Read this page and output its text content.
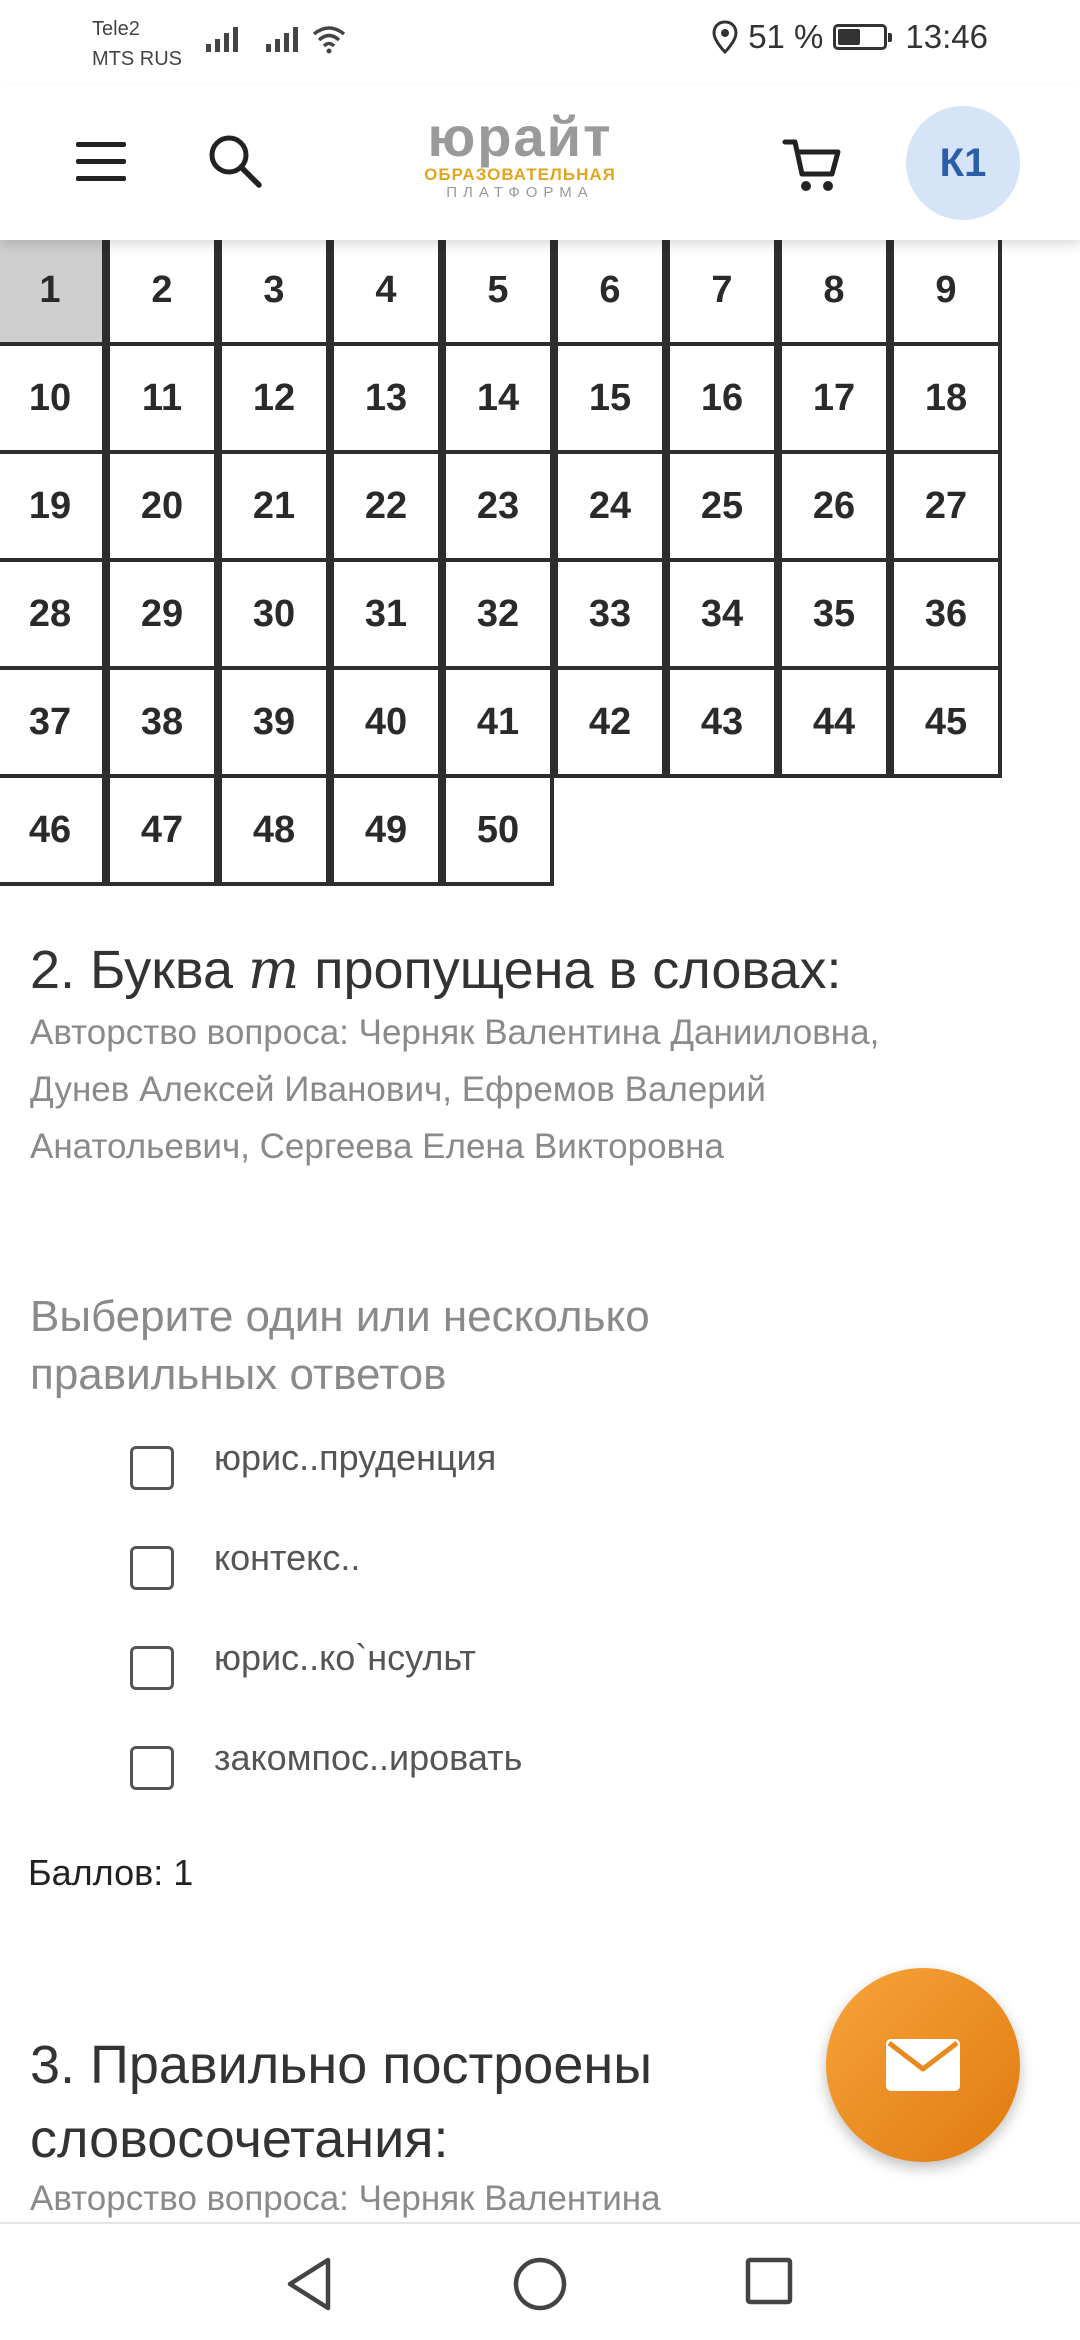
Tele2
MTS RUS
51 % 13:46
юрайт
ОБРАЗОВАТЕЛЬНАЯ
ПЛАТФОРМА
К1
1	2	3	4	5	6	7	8	9
10	11	12	13	14	15	16	17	18
19	20	21	22	23	24	25	26	27
28	29	30	31	32	33	34	35	36
37	38	39	40	41	42	43	44	45
46	47	48	49	50
2. Буква т пропущена в словах:
Авторство вопроса: Черняк Валентина Данииловна, Дунев Алексей Иванович, Ефремов Валерий Анатольевич, Сергеева Елена Викторовна
Выберите один или несколько правильных ответов
юрис..пруденция
контекс..
юрис..ко`нсульт
закомпос..ировать
Баллов: 1
3. Правильно построены словосочетания:
Авторство вопроса: Черняк Валентина
